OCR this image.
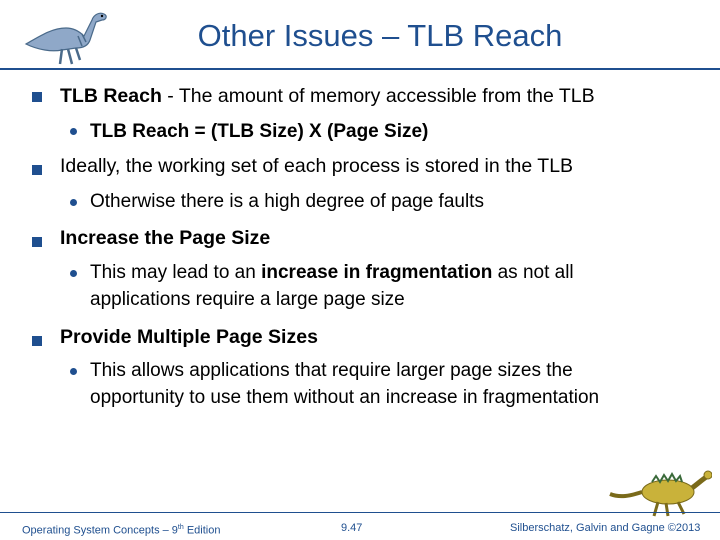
Other Issues – TLB Reach
TLB Reach - The amount of memory accessible from the TLB
TLB Reach = (TLB Size) X (Page Size)
Ideally, the working set of each process is stored in the TLB
Otherwise there is a high degree of page faults
Increase the Page Size
This may lead to an increase in fragmentation as not all
applications require a large page size
Provide Multiple Page Sizes
This allows applications that require larger page sizes the
opportunity to use them without an increase in fragmentation
Operating System Concepts – 9th Edition	9.47	Silberschatz, Galvin and Gagne ©2013
